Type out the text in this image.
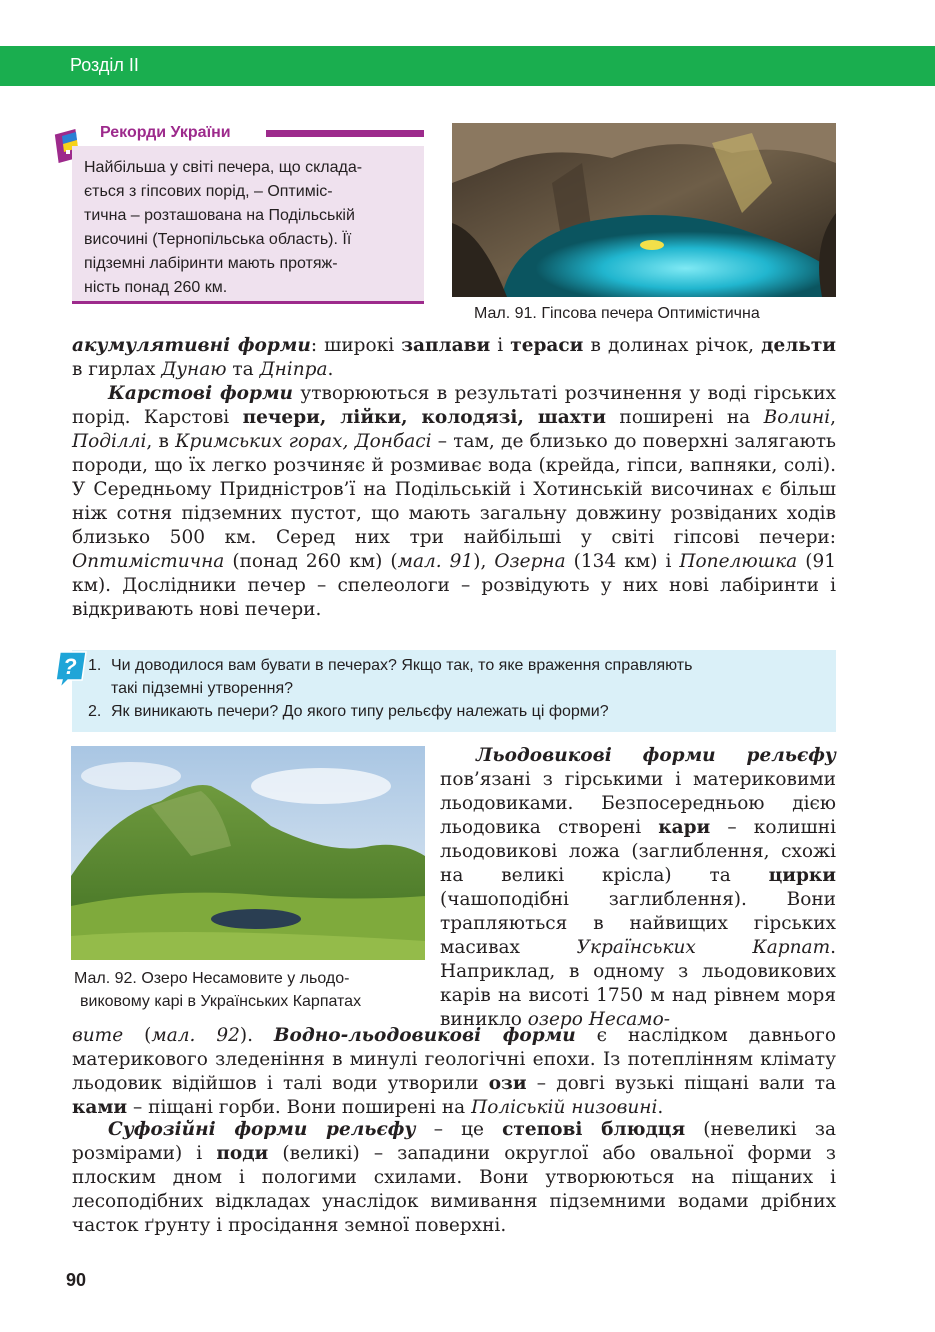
Розділ II
Рекорди України
Найбільша у світі печера, що склада-
ється з гіпсових порід, – Оптиміс-
тична – розташована на Подільській
височині (Тернопільська область). Її
підземні лабіринти мають протяж-
ність понад 260 км.
Мал. 91. Гіпсова печера Оптимістична
акумулятивні форми: широкі заплави і тераси в долинах річок, дельти в гирлах Дунаю та Дніпра.
Карстові форми утворюються в результаті розчинення у воді гірських порід. Карстові печери, лійки, колодязі, шахти поширені на Волині, Поділлі, в Кримських горах, Донбасі – там, де близько до поверхні залягають породи, що їх легко розчиняє й розмиває вода (крейда, гіпси, вапняки, солі). У Середньому Придністров’ї на Подільській і Хотинській височинах є більш ніж сотня підземних пустот, що мають загальну довжину розвіданих ходів близько 500 км. Серед них три найбільші у світі гіпсові печери: Оптимістична (понад 260 км) (мал. 91), Озерна (134 км) і Попелюшка (91 км). Дослідники печер – спелеологи – розвідують у них нові лабіринти і відкривають нові печери.
? 1. Чи доводилося вам бувати в печерах? Якщо так, то яке враження справляють
такі підземні утворення?
2. Як виникають печери? До якого типу рельєфу належать ці форми?
Мал. 92. Озеро Несамовите у льодо-
виковому карі в Українських Карпатах
Льодовикові форми рельєфу пов’язані з гірськими і материковими льодовиками. Безпосередньою дією льодовика створені кари – колишні льодовикові ложа (заглиблення, схожі на великі крісла) та цирки (чашоподібні заглиблення). Вони трапляються в найвищих гірських масивах Українських Карпат. Наприклад, в одному з льодовикових карів на висоті 1750 м над рівнем моря виникло озеро Несамо-
вите (мал. 92). Водно-льодовикові форми є наслідком давнього материкового зледеніння в минулі геологічні епохи. Із потеплінням клімату льодовик відійшов і талі води утворили ози – довгі вузькі піщані вали та ками – піщані горби. Вони поширені на Поліській низовині.
Суфозійні форми рельєфу – це степові блюдця (невеликі за розмірами) і поди (великі) – западини округлої або овальної форми з плоским дном і пологими схилами. Вони утворюються на піщаних і лесоподібних відкладах унаслідок вимивання підземними водами дрібних часток ґрунту і просідання земної поверхні.
90
